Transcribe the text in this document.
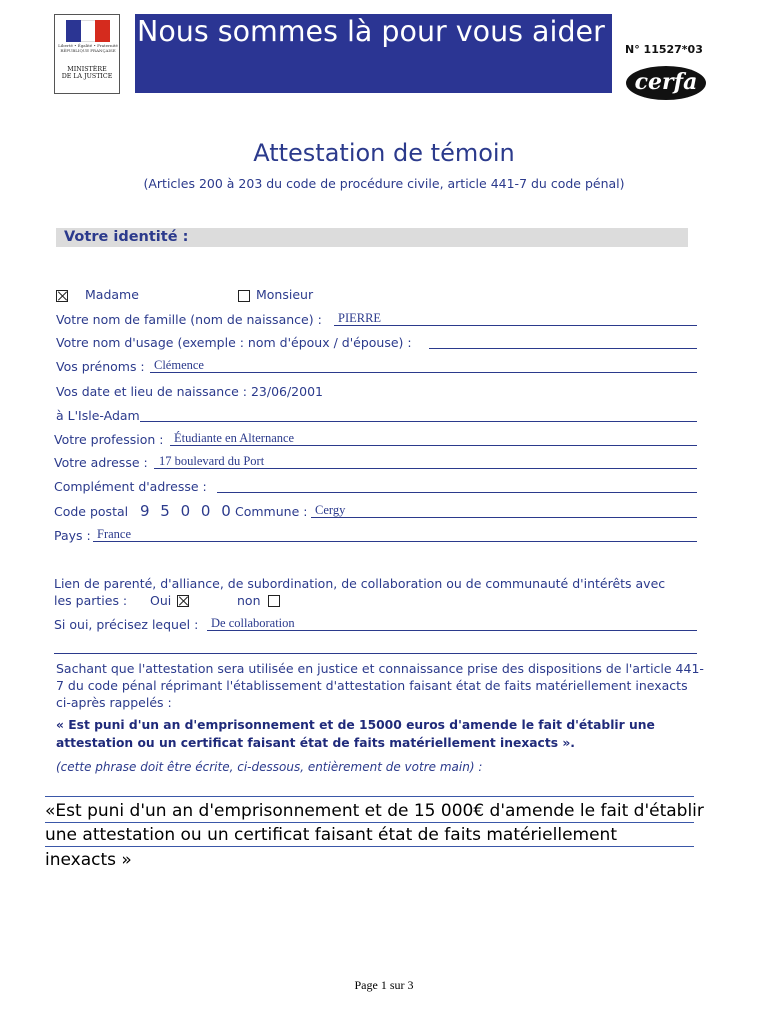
Liberté • Égalité • Fraternité
RÉPUBLIQUE FRANÇAISE
MINISTÈRE
DE LA JUSTICE
Nous sommes là pour vous aider
N° 11527*03
cerfa
Attestation de témoin
(Articles 200 à 203 du code de procédure civile, article 441-7 du code pénal)
Votre identité :
Madame	Monsieur
Votre nom de famille (nom de naissance) : PIERRE
Votre nom d'usage (exemple : nom d'époux / d'épouse) :
Vos prénoms : Clémence
Vos date et lieu de naissance : 23/06/2001
à L'Isle-Adam
Votre profession : Étudiante en Alternance
Votre adresse : 17 boulevard du Port
Complément d'adresse :
Code postal 9 5 0 0 0 Commune : Cergy
Pays : France
Lien de parenté, d'alliance, de subordination, de collaboration ou de communauté d'intérêts avec
les parties : Oui	non
Si oui, précisez lequel : De collaboration
Sachant que l'attestation sera utilisée en justice et connaissance prise des dispositions de l'article 441-7 du code pénal réprimant l'établissement d'attestation faisant état de faits matériellement inexacts ci-après rappelés :
« Est puni d'un an d'emprisonnement et de 15000 euros d'amende le fait d'établir une attestation ou un certificat faisant état de faits matériellement inexacts ».
(cette phrase doit être écrite, ci-dessous, entièrement de votre main) :
«Est puni d'un an d'emprisonnement et de 15 000€ d'amende le fait d'établir
une attestation ou un certificat faisant état de faits matériellement
inexacts »
Page 1 sur 3
